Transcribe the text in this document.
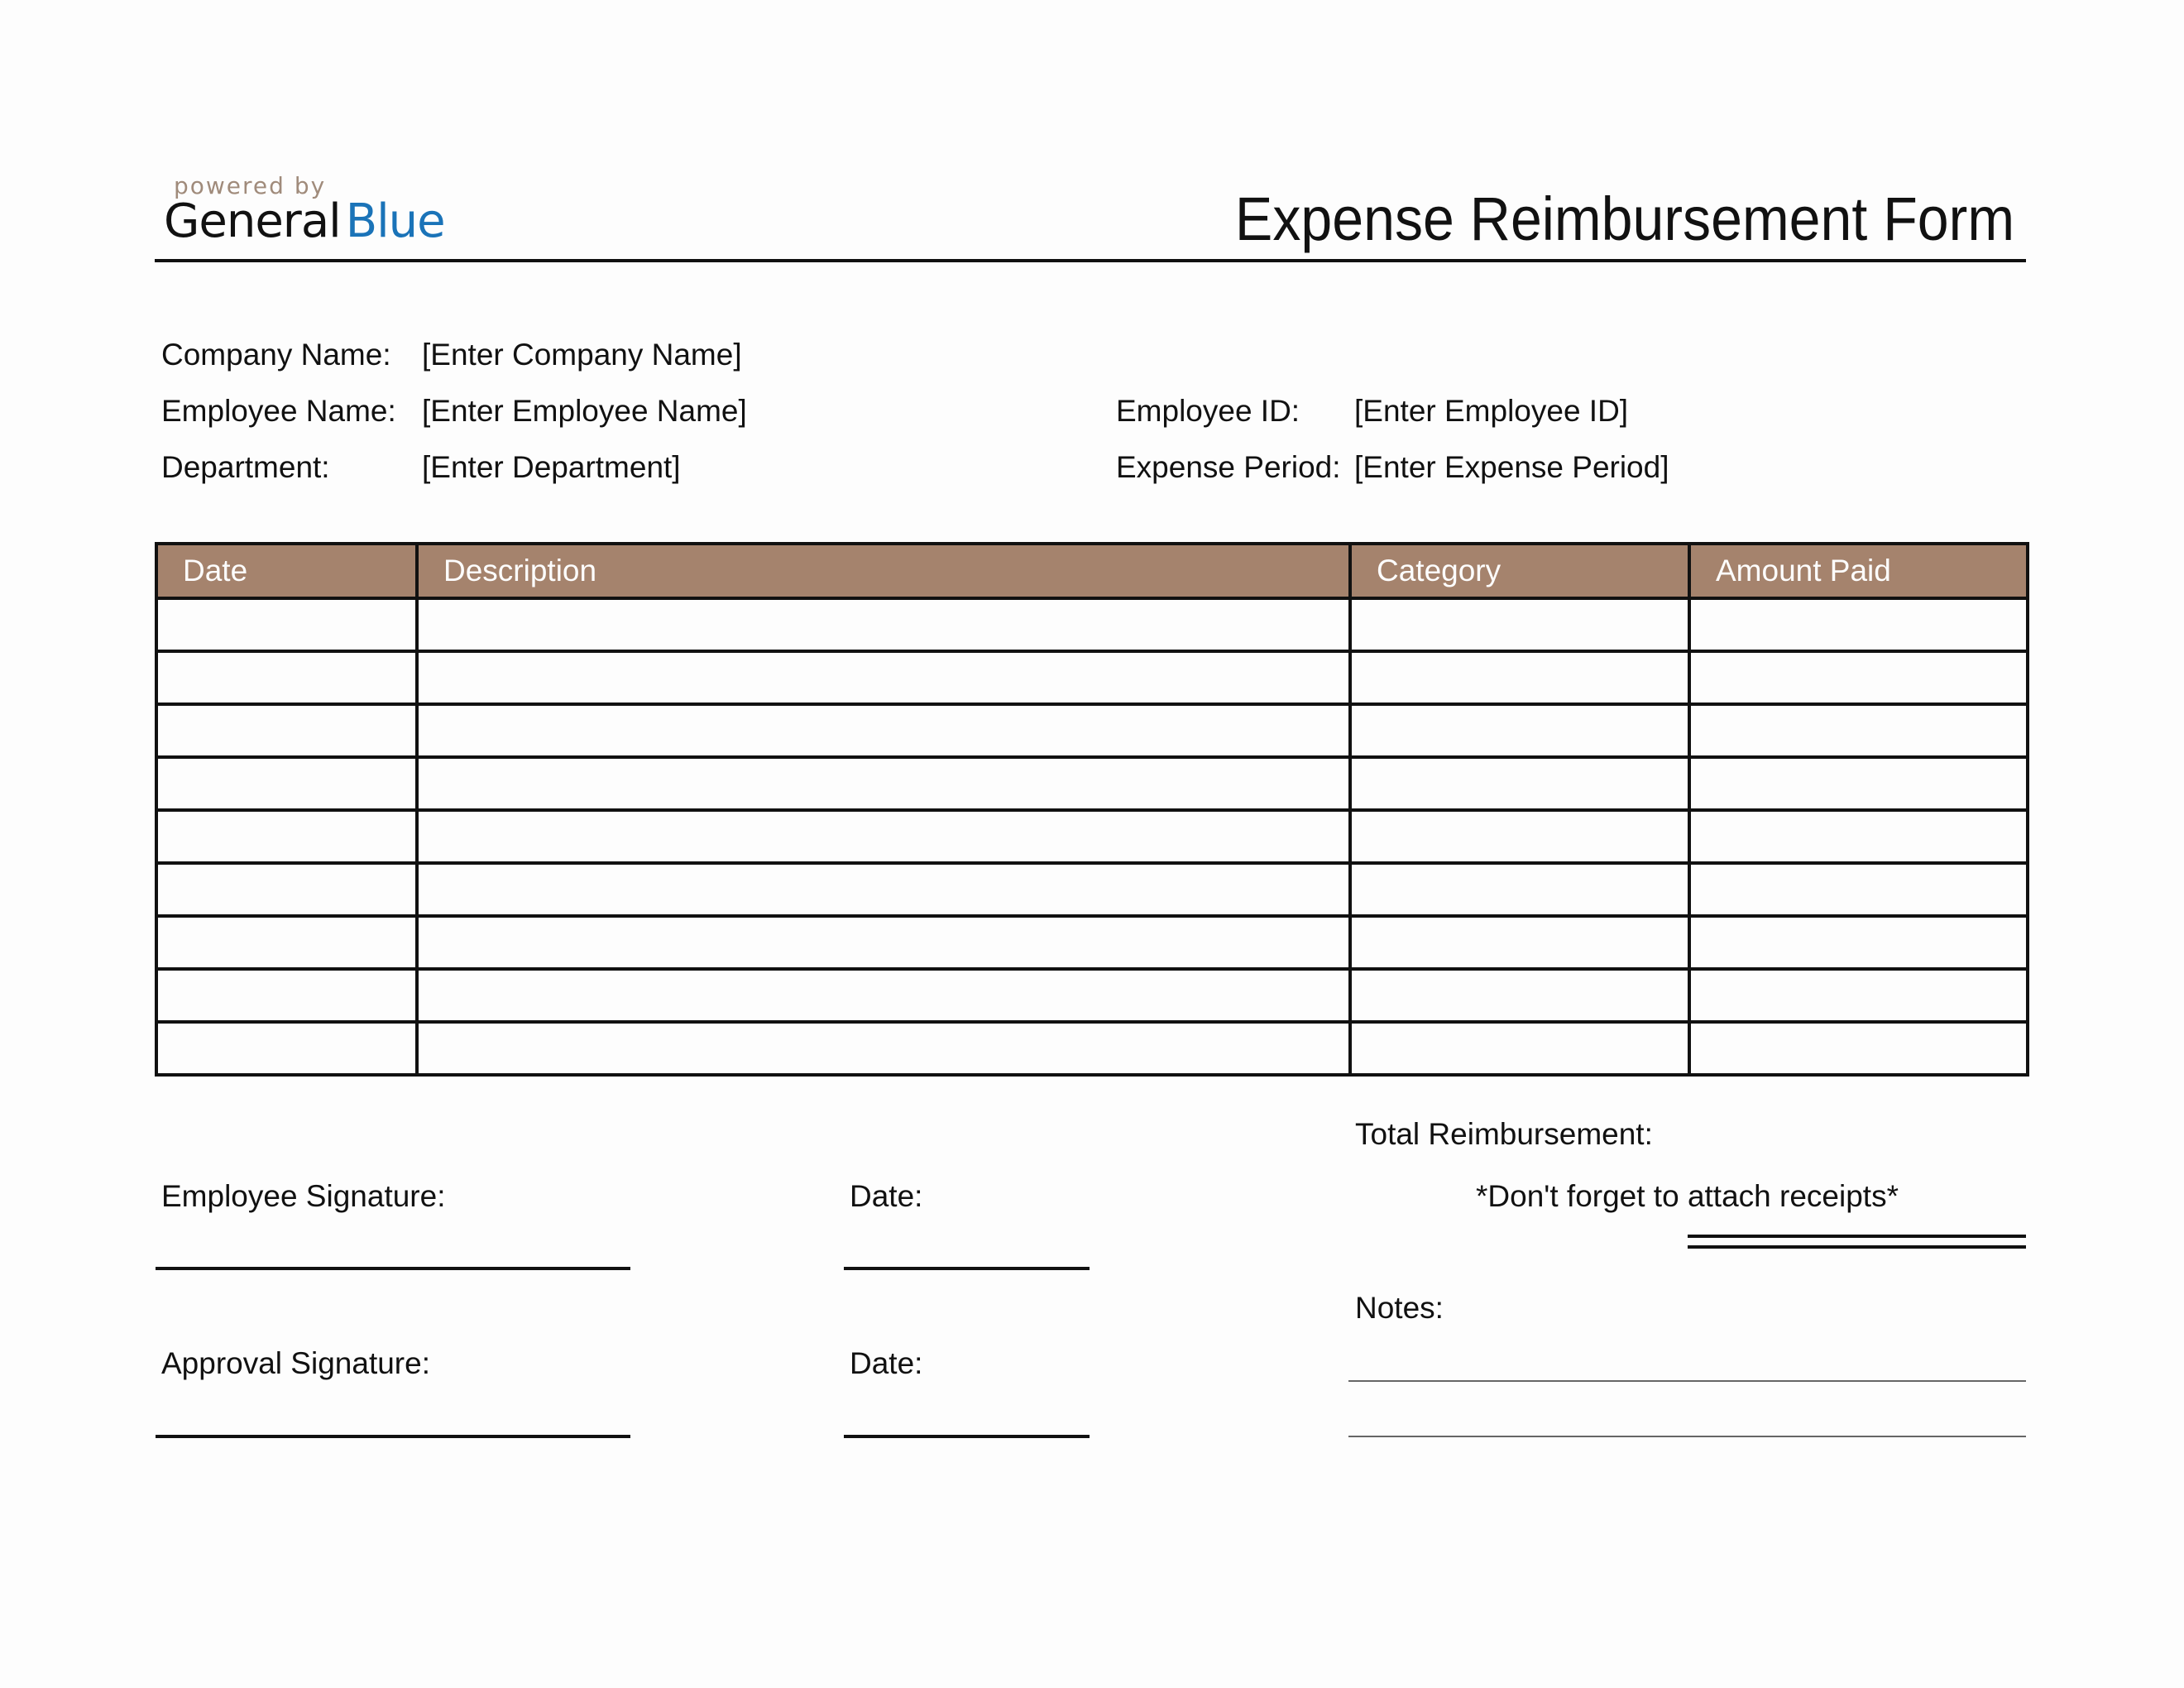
powered by
General Blue	Expense Reimbursement Form
Company Name: [Enter Company Name]
Employee Name: [Enter Employee Name]
Department:	[Enter Department]
Employee ID: [Enter Employee ID]
Expense Period: [Enter Expense Period]
Date	Description	Category	Amount Paid

Total Reimbursement:
*Don't forget to attach receipts*
Employee Signature:	Date:
Approval Signature:	Date:
Notes:
